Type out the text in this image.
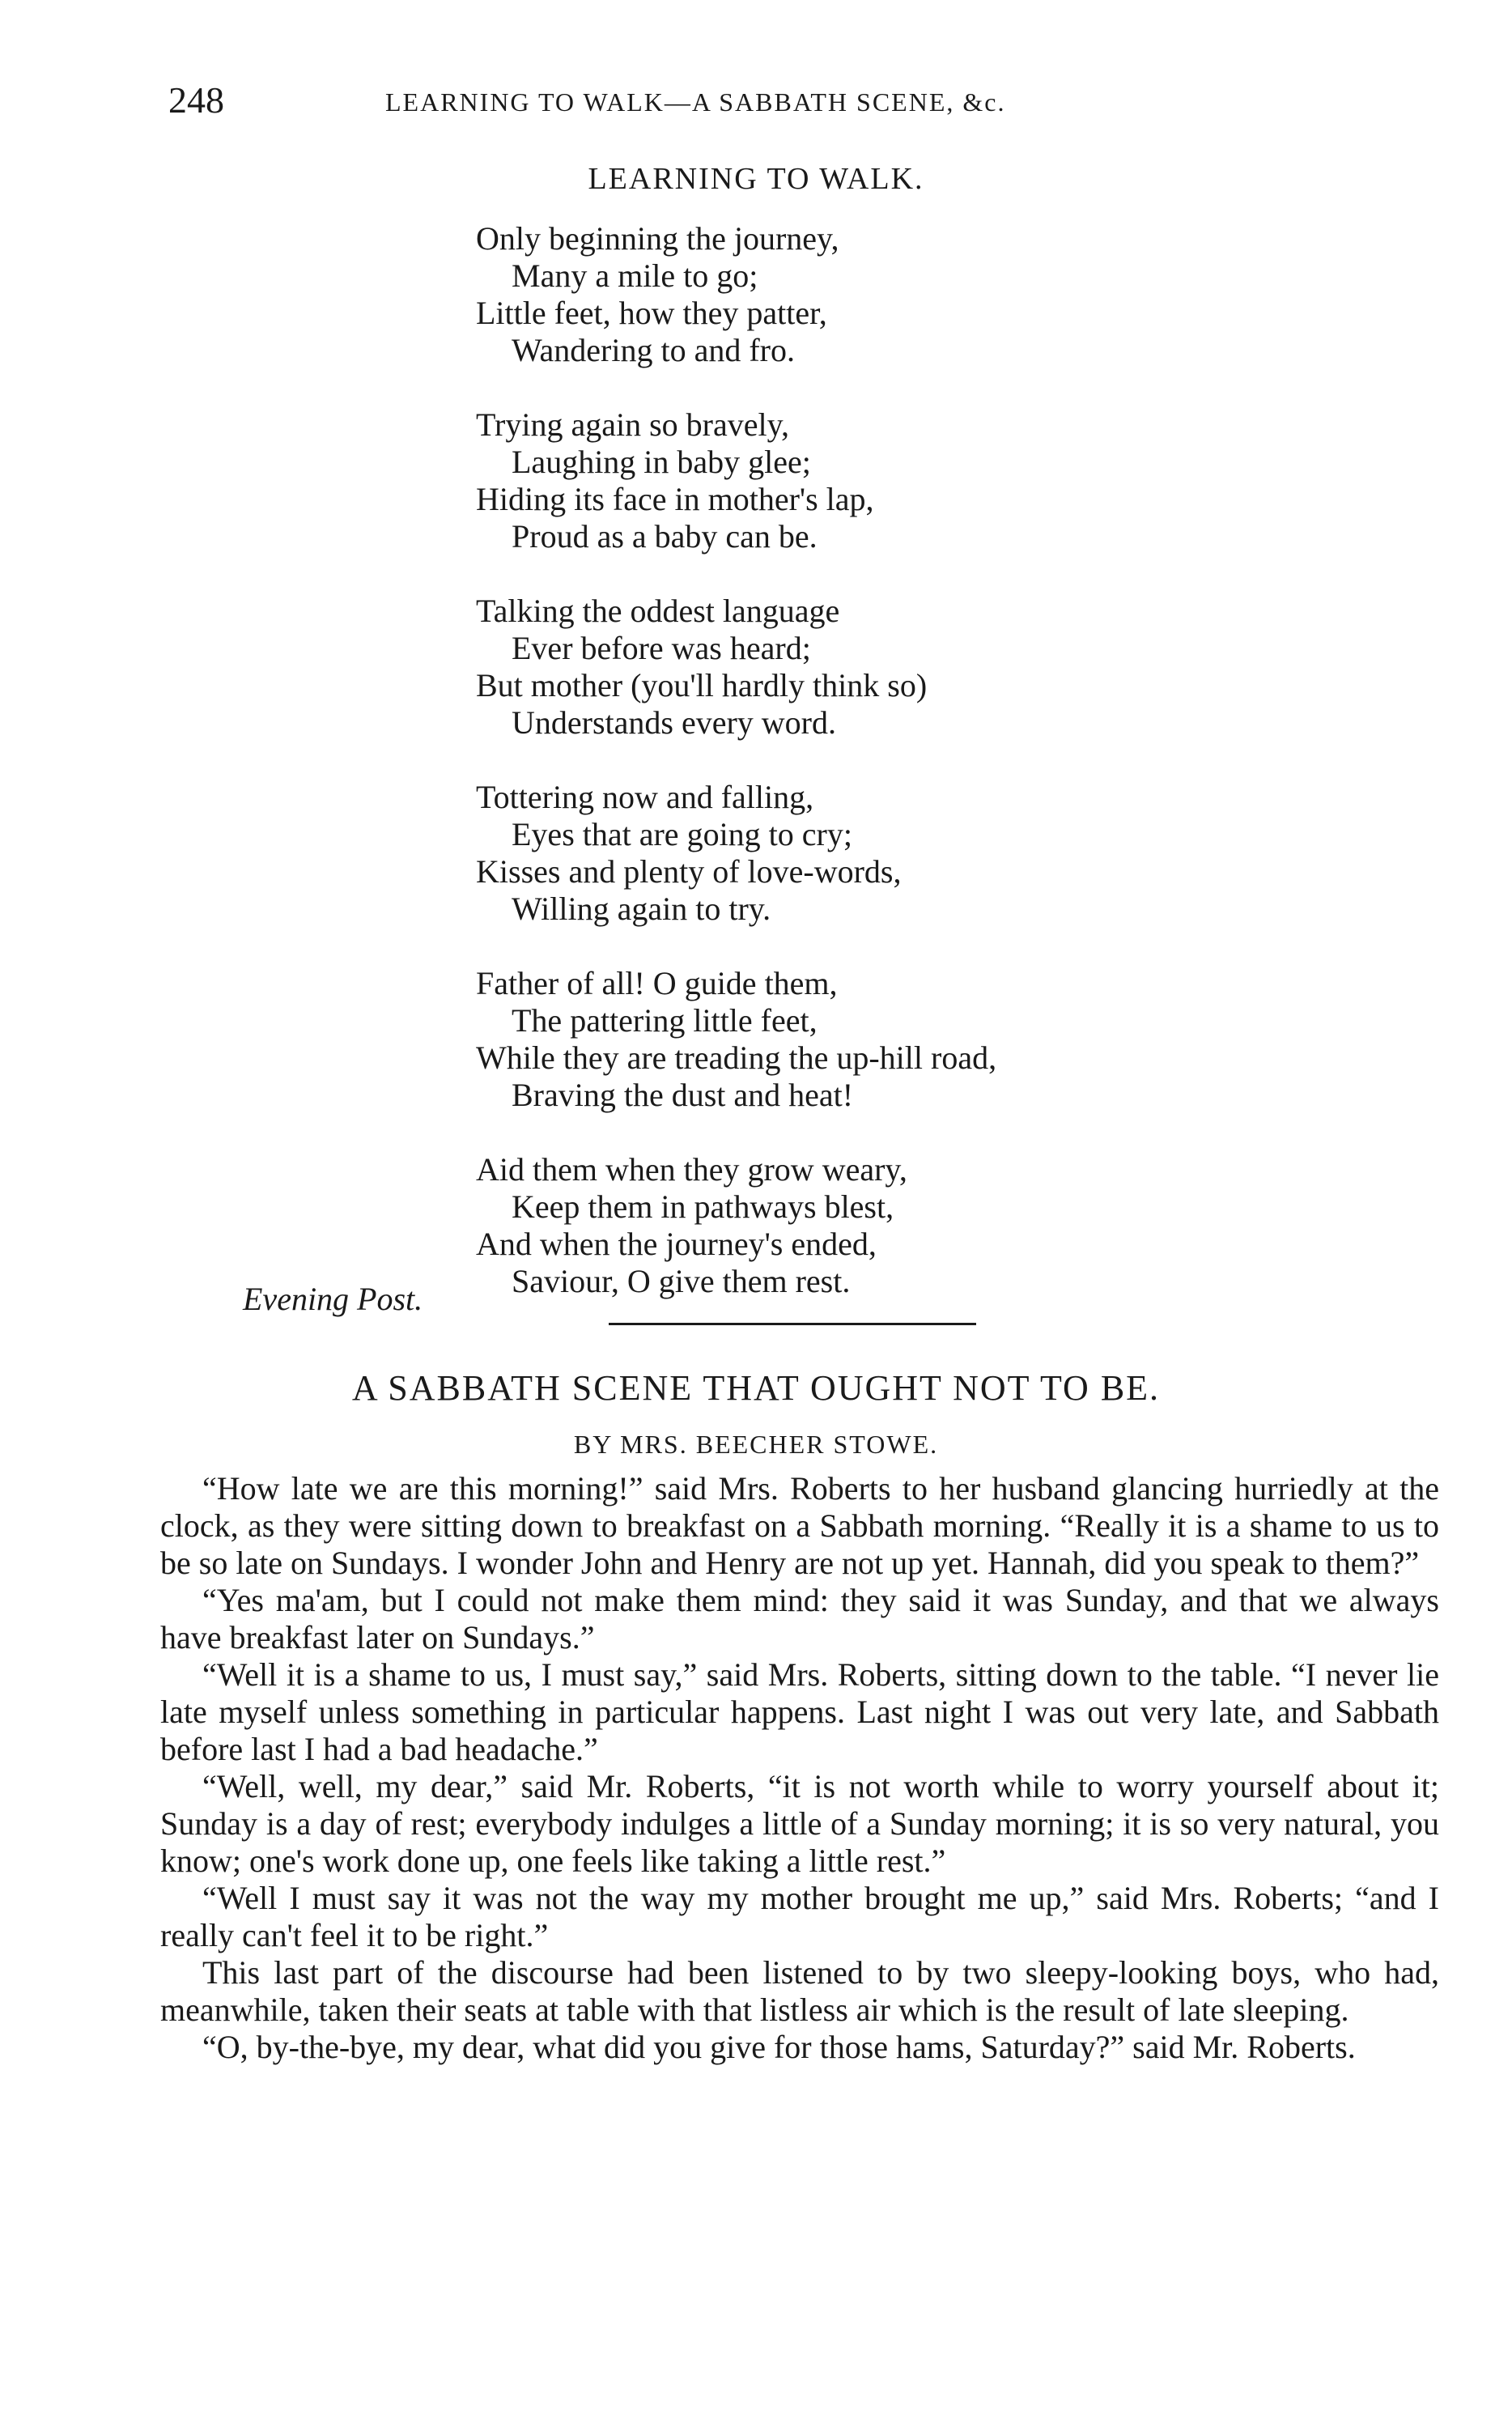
248	LEARNING TO WALK—A SABBATH SCENE, &c.
LEARNING TO WALK.
Only beginning the journey,
Many a mile to go;
Little feet, how they patter,
Wandering to and fro.
Trying again so bravely,
Laughing in baby glee;
Hiding its face in mother's lap,
Proud as a baby can be.
Talking the oddest language
Ever before was heard;
But mother (you'll hardly think so)
Understands every word.
Tottering now and falling,
Eyes that are going to cry;
Kisses and plenty of love-words,
Willing again to try.
Father of all! O guide them,
The pattering little feet,
While they are treading the up-hill road,
Braving the dust and heat!
Aid them when they grow weary,
Keep them in pathways blest,
And when the journey's ended,
Saviour, O give them rest.
Evening Post.
A SABBATH SCENE THAT OUGHT NOT TO BE.
BY MRS. BEECHER STOWE.

“How late we are this morning!” said Mrs. Roberts to her husband glancing hurriedly at the clock, as they were sitting down to breakfast on a Sabbath morning. “Really it is a shame to us to be so late on Sundays. I wonder John and Henry are not up yet. Hannah, did you speak to them?”

“Yes ma'am, but I could not make them mind: they said it was Sunday, and that we always have breakfast later on Sundays.”

“Well it is a shame to us, I must say,” said Mrs. Roberts, sitting down to the table. “I never lie late myself unless something in particular happens. Last night I was out very late, and Sabbath before last I had a bad headache.”

“Well, well, my dear,” said Mr. Roberts, “it is not worth while to worry yourself about it; Sunday is a day of rest; everybody indulges a little of a Sunday morning; it is so very natural, you know; one's work done up, one feels like taking a little rest.”

“Well I must say it was not the way my mother brought me up,” said Mrs. Roberts; “and I really can't feel it to be right.”

This last part of the discourse had been listened to by two sleepy-looking boys, who had, meanwhile, taken their seats at table with that listless air which is the result of late sleeping.

“O, by-the-bye, my dear, what did you give for those hams, Saturday?” said Mr. Roberts.
